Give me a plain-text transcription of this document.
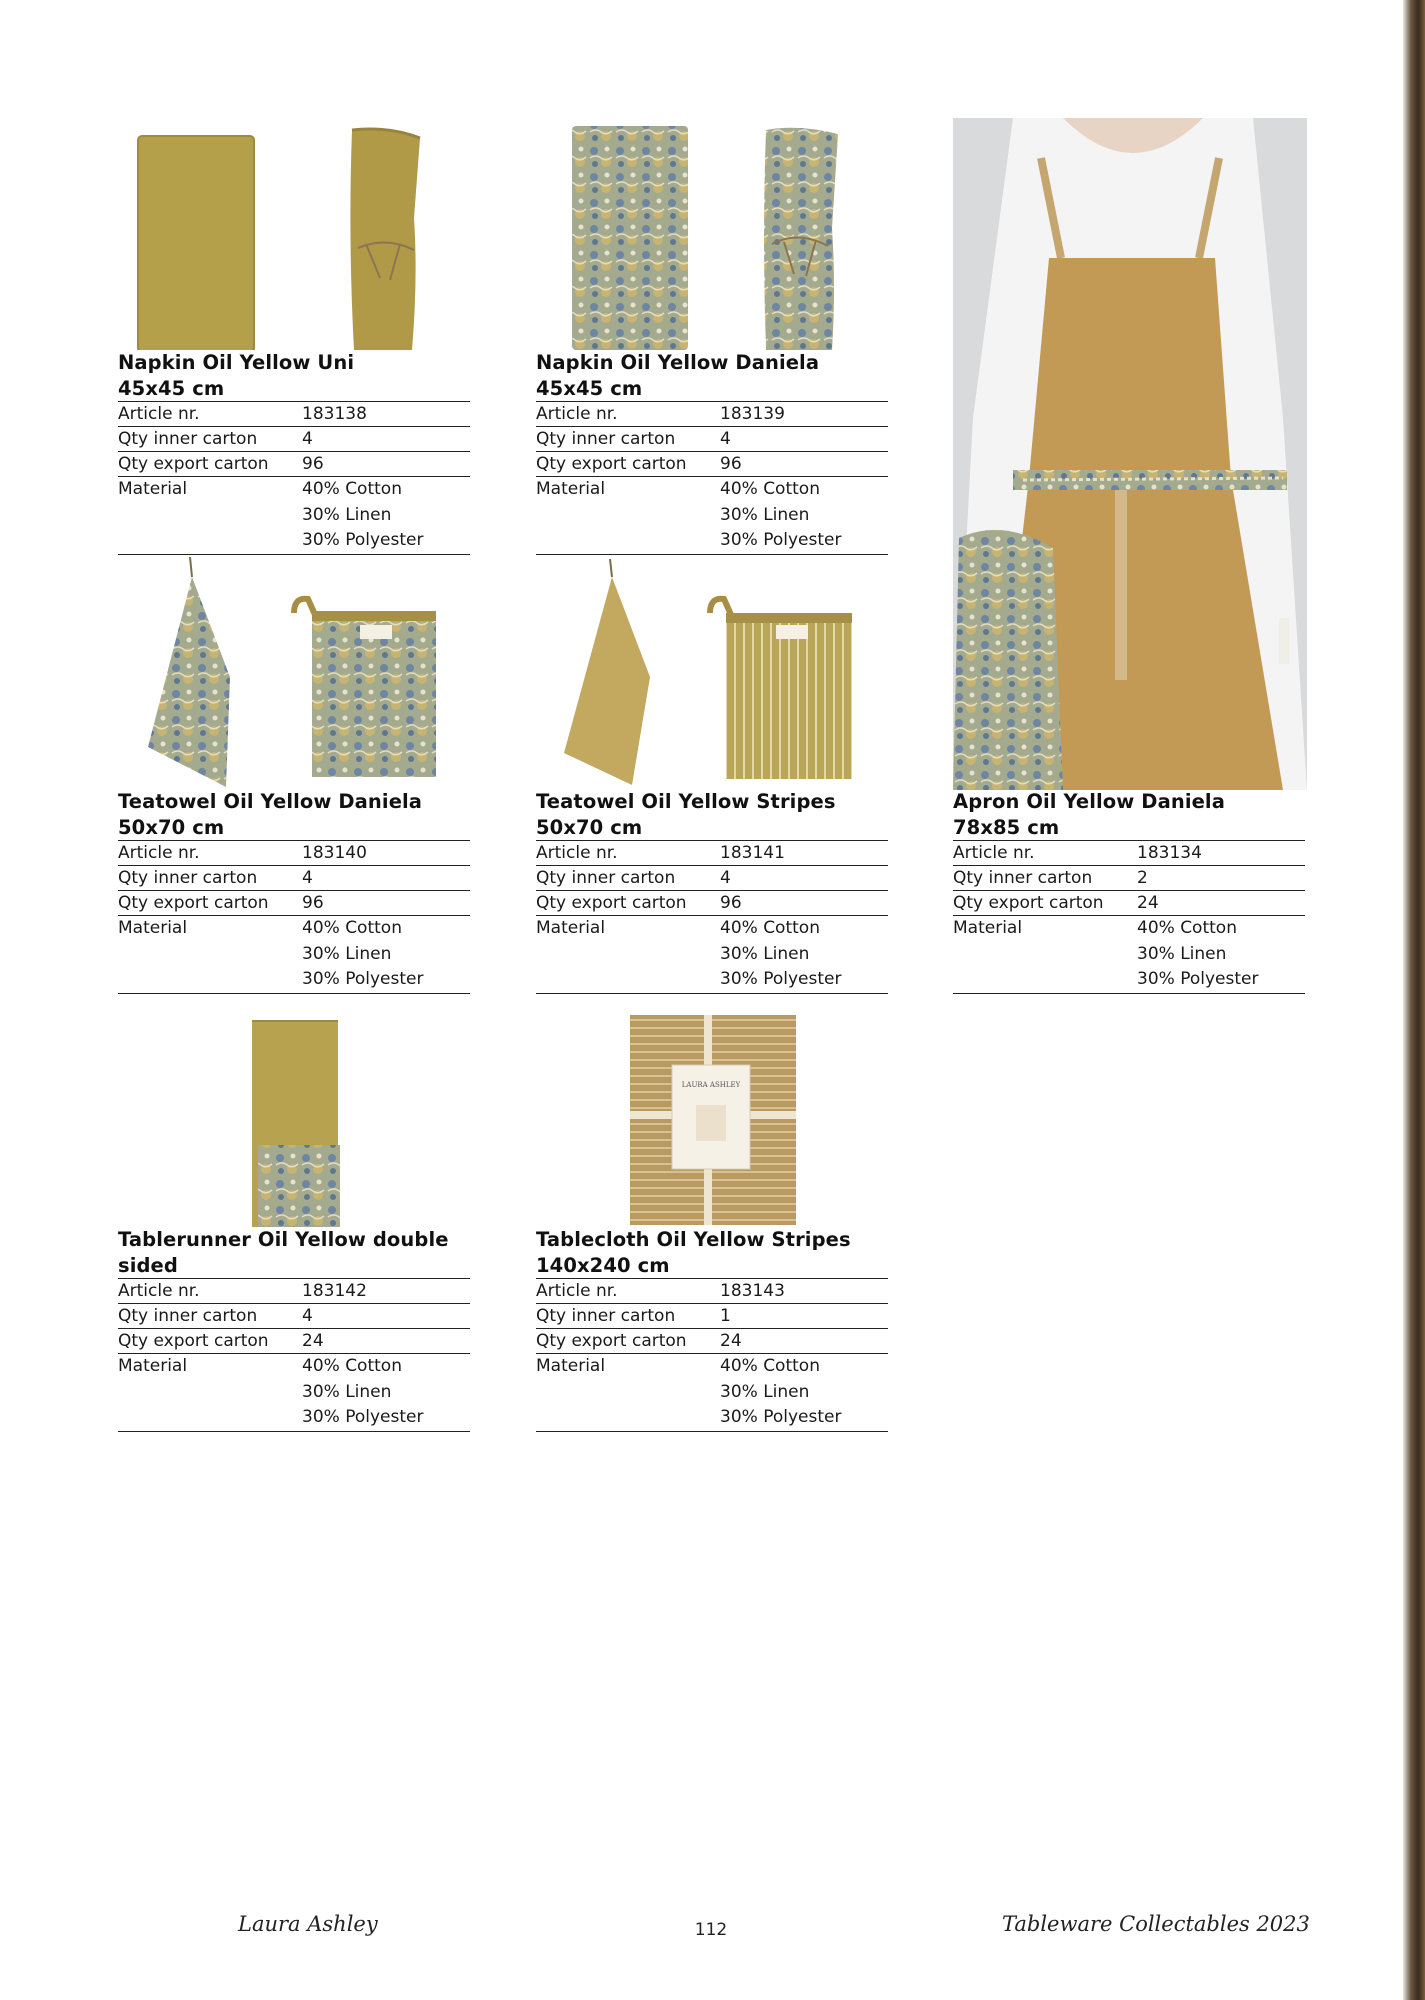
Napkin Oil Yellow Uni
45x45 cm
Article nr.	183138
Qty inner carton	4
Qty export carton	96
Material	40% Cotton
30% Linen
30% Polyester
Napkin Oil Yellow Daniela
45x45 cm
Article nr.	183139
Qty inner carton	4
Qty export carton	96
Material	40% Cotton
30% Linen
30% Polyester
Teatowel Oil Yellow Daniela
50x70 cm
Article nr.	183140
Qty inner carton	4
Qty export carton	96
Material	40% Cotton
30% Linen
30% Polyester
Teatowel Oil Yellow Stripes
50x70 cm
Article nr.	183141
Qty inner carton	4
Qty export carton	96
Material	40% Cotton
30% Linen
30% Polyester
Apron Oil Yellow Daniela
78x85 cm
Article nr.	183134
Qty inner carton	2
Qty export carton	24
Material	40% Cotton
30% Linen
30% Polyester
Tablerunner Oil Yellow double sided
Article nr.	183142
Qty inner carton	4
Qty export carton	24
Material	40% Cotton
30% Linen
30% Polyester
LAURA ASHLEY
Tablecloth Oil Yellow Stripes
140x240 cm
Article nr.	183143
Qty inner carton	1
Qty export carton	24
Material	40% Cotton
30% Linen
30% Polyester
Laura Ashley	112	Tableware Collectables 2023
